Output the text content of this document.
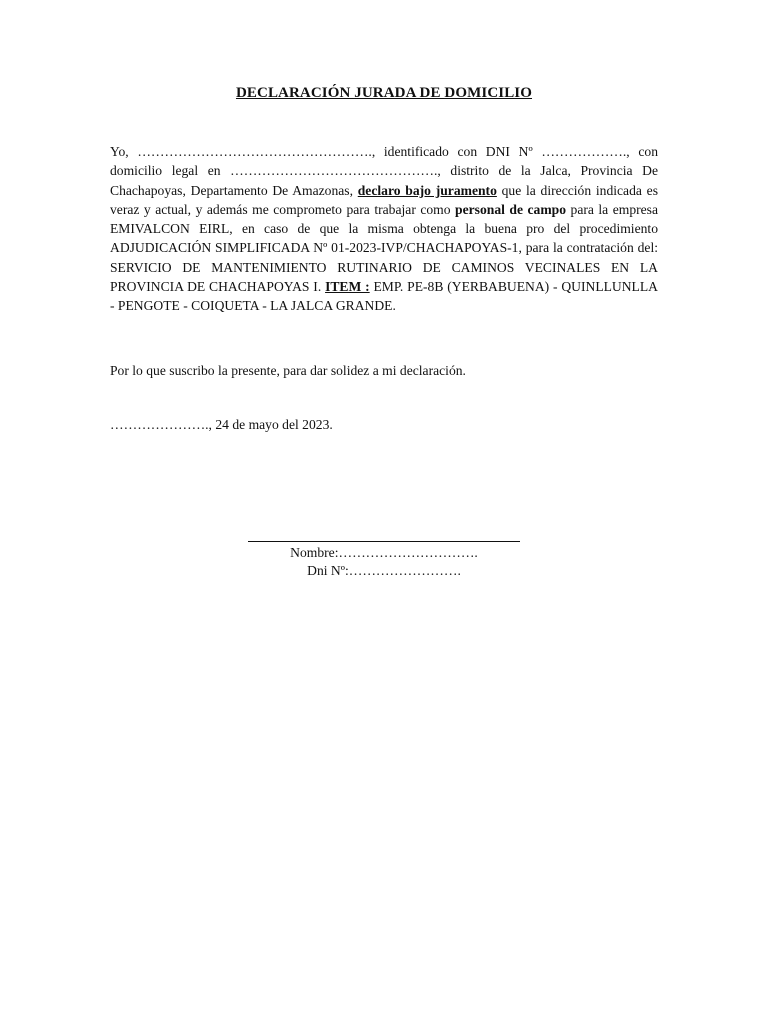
DECLARACIÓN JURADA DE DOMICILIO
Yo, ……………………………………………., identificado con DNI Nº ………………., con domicilio legal en ………………………………………., distrito de la Jalca, Provincia De Chachapoyas, Departamento De Amazonas, declaro bajo juramento que la dirección indicada es veraz y actual, y además me comprometo para trabajar como personal de campo para la empresa EMIVALCON EIRL, en caso de que la misma obtenga la buena pro del procedimiento ADJUDICACIÓN SIMPLIFICADA Nº 01-2023-IVP/CHACHAPOYAS-1, para la contratación del: SERVICIO DE MANTENIMIENTO RUTINARIO DE CAMINOS VECINALES EN LA PROVINCIA DE CHACHAPOYAS I. ITEM : EMP. PE-8B (YERBABUENA) - QUINLLUNLLA - PENGOTE - COIQUETA - LA JALCA GRANDE.
Por lo que suscribo la presente, para dar solidez a mi declaración.
…………………., 24 de mayo del 2023.
Nombre:………………………….
Dni Nº:…………………….
